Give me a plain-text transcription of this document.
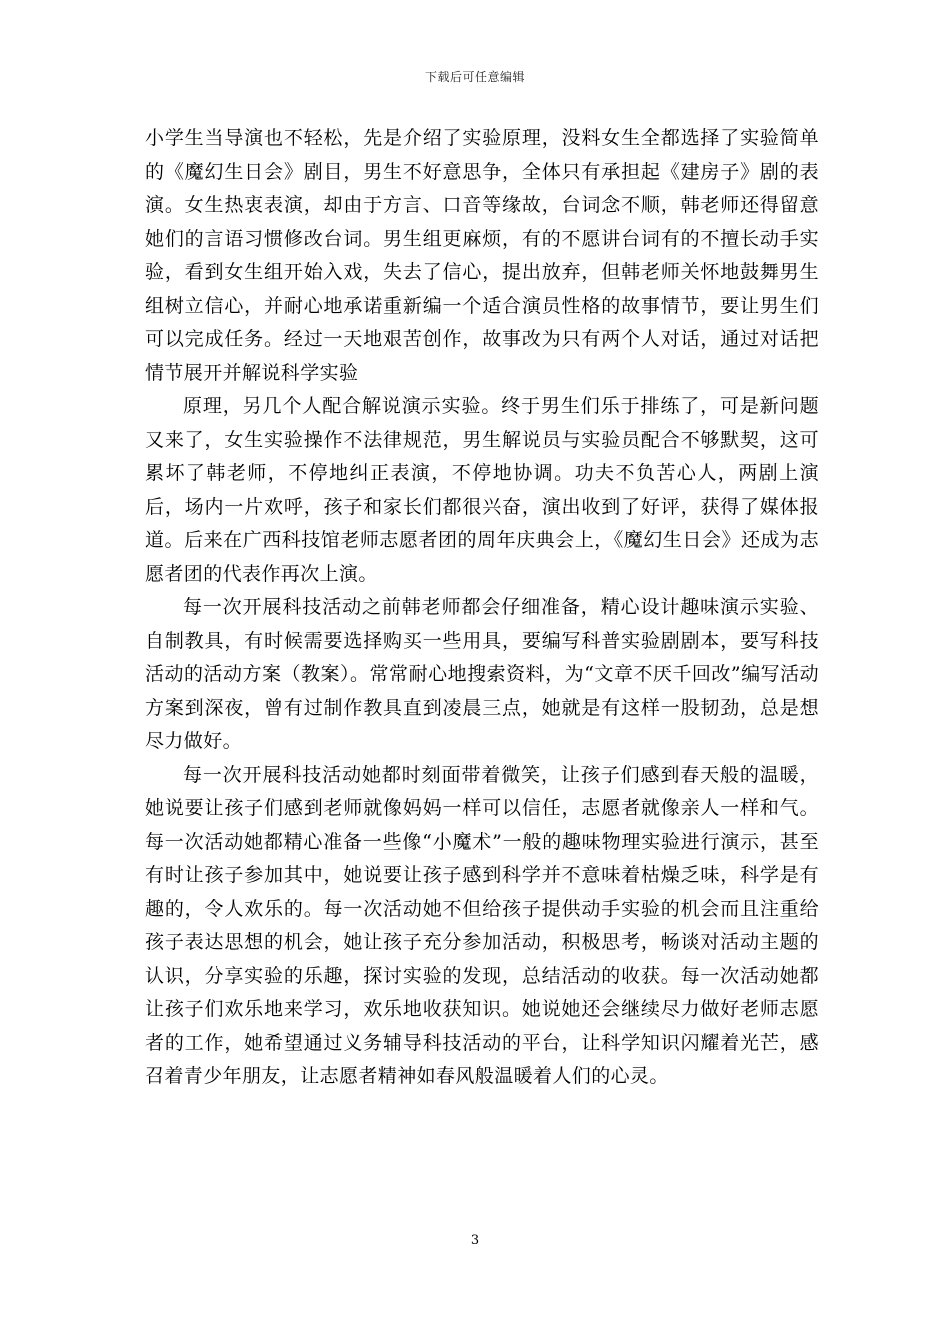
下载后可任意编辑

小学生当导演也不轻松，先是介绍了实验原理，没料女生全都选择了实验简单的《魔幻生日会》剧目，男生不好意思争，全体只有承担起《建房子》剧的表演。女生热衷表演，却由于方言、口音等缘故，台词念不顺，韩老师还得留意她们的言语习惯修改台词。男生组更麻烦，有的不愿讲台词有的不擅长动手实验，看到女生组开始入戏，失去了信心，提出放弃，但韩老师关怀地鼓舞男生组树立信心，并耐心地承诺重新编一个适合演员性格的故事情节，要让男生们可以完成任务。经过一天地艰苦创作，故事改为只有两个人对话，通过对话把情节展开并解说科学实验

原理，另几个人配合解说演示实验。终于男生们乐于排练了，可是新问题又来了，女生实验操作不法律规范，男生解说员与实验员配合不够默契，这可累坏了韩老师，不停地纠正表演，不停地协调。功夫不负苦心人，两剧上演后，场内一片欢呼，孩子和家长们都很兴奋，演出收到了好评，获得了媒体报道。后来在广西科技馆老师志愿者团的周年庆典会上，《魔幻生日会》还成为志愿者团的代表作再次上演。

每一次开展科技活动之前韩老师都会仔细准备，精心设计趣味演示实验、自制教具，有时候需要选择购买一些用具，要编写科普实验剧剧本，要写科技活动的活动方案（教案）。常常耐心地搜索资料，为“文章不厌千回改”编写活动方案到深夜，曾有过制作教具直到凌晨三点，她就是有这样一股韧劲，总是想尽力做好。

每一次开展科技活动她都时刻面带着微笑，让孩子们感到春天般的温暖，她说要让孩子们感到老师就像妈妈一样可以信任，志愿者就像亲人一样和气。每一次活动她都精心准备一些像“小魔术”一般的趣味物理实验进行演示，甚至有时让孩子参加其中，她说要让孩子感到科学并不意味着枯燥乏味，科学是有趣的，令人欢乐的。每一次活动她不但给孩子提供动手实验的机会而且注重给孩子表达思想的机会，她让孩子充分参加活动，积极思考，畅谈对活动主题的认识，分享实验的乐趣，探讨实验的发现，总结活动的收获。每一次活动她都让孩子们欢乐地来学习，欢乐地收获知识。她说她还会继续尽力做好老师志愿者的工作，她希望通过义务辅导科技活动的平台，让科学知识闪耀着光芒，感召着青少年朋友，让志愿者精神如春风般温暖着人们的心灵。

3
